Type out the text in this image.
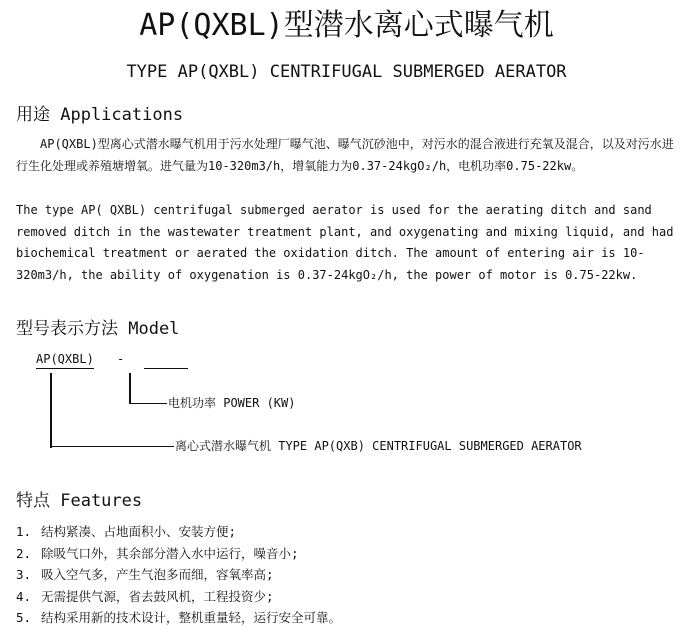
AP(QXBL)型潜水离心式曝气机
TYPE AP(QXBL) CENTRIFUGAL SUBMERGED AERATOR
用途 Applications

AP(QXBL)型离心式潜水曝气机用于污水处理厂曝气池、曝气沉砂池中，对污水的混合液进行充氧及混合，以及对污水进行生化处理或养殖塘增氧。进气量为10-320m3/h，增氧能力为0.37-24kgO₂/h，电机功率0.75-22kw。

The type AP( QXBL) centrifugal submerged aerator is used for the aerating ditch and sand removed ditch in the wastewater treatment plant, and oxygenating and mixing liquid, and had biochemical treatment or aerated the oxidation ditch. The amount of entering air is 10-320m3/h, the ability of oxygenation is 0.37-24kgO₂/h, the power of motor is 0.75-22kw.

型号表示方法 Model
AP(QXBL) -
离心式潜水曝气机 TYPE AP(QXB) CENTRIFUGAL SUBMERGED AERATOR
电机功率 POWER (KW)
特点 Features
1. 结构紧凑、占地面积小、安装方便;
2. 除吸气口外，其余部分潜入水中运行，噪音小;
3. 吸入空气多，产生气泡多而细，容氧率高;
4. 无需提供气源，省去鼓风机，工程投资少;
5. 结构采用新的技术设计，整机重量轻，运行安全可靠。
